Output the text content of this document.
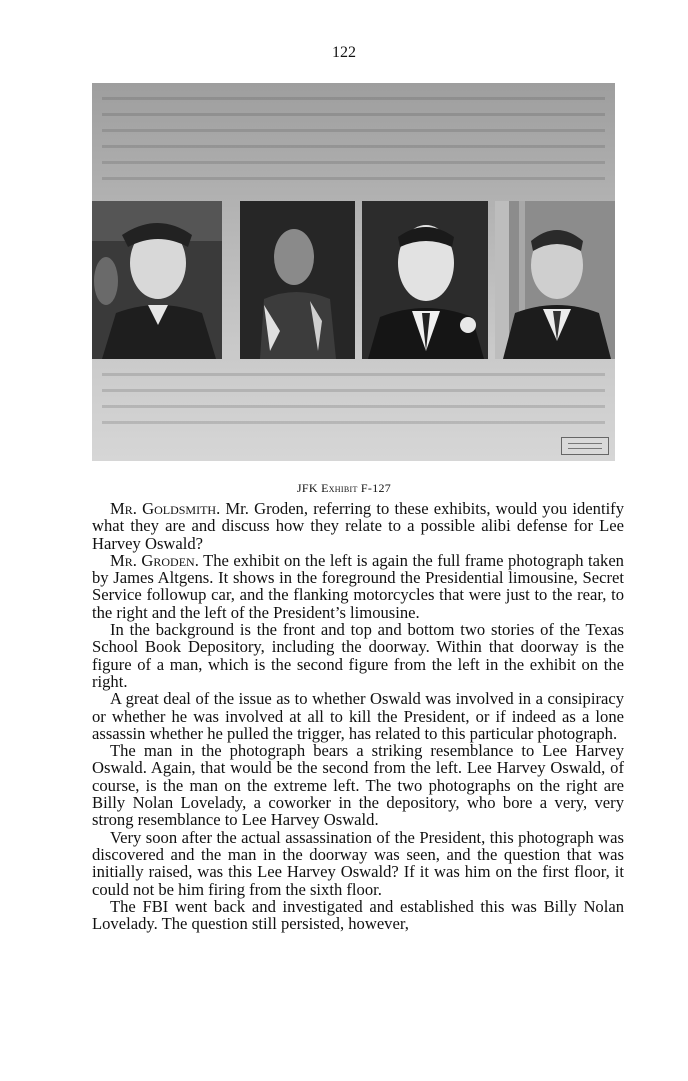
122
JFK Exhibit F-127

Mr. Goldsmith. Mr. Groden, referring to these exhibits, would you identify what they are and discuss how they relate to a possible alibi defense for Lee Harvey Oswald?

Mr. Groden. The exhibit on the left is again the full frame photograph taken by James Altgens. It shows in the foreground the Presidential limousine, Secret Service followup car, and the flanking motorcycles that were just to the rear, to the right and the left of the President’s limousine.

In the background is the front and top and bottom two stories of the Texas School Book Depository, including the doorway. Within that doorway is the figure of a man, which is the second figure from the left in the exhibit on the right.

A great deal of the issue as to whether Oswald was involved in a consipiracy or whether he was involved at all to kill the President, or if indeed as a lone assassin whether he pulled the trigger, has related to this particular photograph.

The man in the photograph bears a striking resemblance to Lee Harvey Oswald. Again, that would be the second from the left. Lee Harvey Oswald, of course, is the man on the extreme left. The two photographs on the right are Billy Nolan Lovelady, a coworker in the depository, who bore a very, very strong resemblance to Lee Harvey Oswald.

Very soon after the actual assassination of the President, this photograph was discovered and the man in the doorway was seen, and the question that was initially raised, was this Lee Harvey Oswald? If it was him on the first floor, it could not be him firing from the sixth floor.

The FBI went back and investigated and established this was Billy Nolan Lovelady. The question still persisted, however,
